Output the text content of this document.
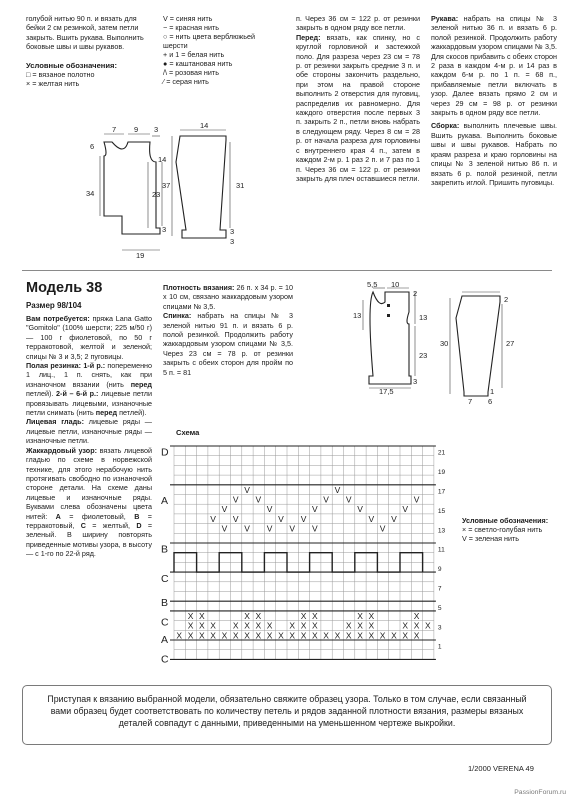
голубой нитью 90 п. и вязать для бейки 2 см резинкой, затем петли закрыть. Вшить рукава. Выполнить боковые швы и швы рукавов.

Условные обозначения:

□ = вязаное полотно

× = желтая нить

V = синяя нить

− = красная нить

○ = нить цвета верблюжьей шерсти

+ и 1 = белая нить

● = каштановая нить

/\ = розовая нить

⁄ = серая нить

п. Через 36 см = 122 р. от резинки закрыть в одном ряду все петли.

Перед: вязать, как спинку, но с круглой горловиной и застежкой поло. Для разреза через 23 см = 78 р. от резинки закрыть средние 3 п. и обе стороны закончить раздельно, при этом на правой стороне выполнить 2 отверстия для пуговиц, распределив их равномерно. Для каждого отверстия после первых 3 п. закрыть 2 п., петли вновь набрать в следующем ряду. Через 8 см = 28 р. от начала разреза для горловины с внутреннего края 4 п., затем в каждом 2-м р. 1 раз 2 п. и 7 раз по 1 п. Через 36 см = 122 р. от резинки закрыть для плеч оставшиеся петли.

Рукава: набрать на спицы № 3 зеленой нитью 36 п. и вязать 6 р. полой резинкой. Продолжить работу жаккардовым узором спицами № 3,5. Для скосов прибавить с обеих сторон 2 раза в каждом 4-м р. и 14 раз в каждом 6-м р. по 1 п. = 68 п., прибавляемые петли включать в узор. Далее вязать прямо 2 см и через 29 см = 98 р. от резинки закрыть в одном ряду все петли.

Сборка: выполнить плечевые швы. Вшить рукава. Выполнить боковые швы и швы рукавов. Набрать по краям разреза и краю горловины на спицы № 3 зеленой нитью 86 п. и вязать 6 р. полой резинкой, петли закрепить иглой. Пришить пуговицы.

7 9 3
6
14
34	23
3
19
14
37	31
3
3
Модель 38
Размер 98/104

Вам потребуется: пряжа Lana Gatto "Gomitolo" (100% шерсти; 225 м/50 г) — 100 г фиолетовой, по 50 г терракотовой, желтой и зеленой; спицы № 3 и 3,5; 2 пуговицы.

Полая резинка: 1-й р.: попеременно 1 лиц., 1 п. снять, как при изнаночном вязании (нить перед петлей). 2-й – 6-й р.: лицевые петли провязывать лицевыми, изнаночные петли снимать (нить перед петлей).

Лицевая гладь: лицевые ряды — лицевые петли, изнаночные ряды — изнаночные петли.

Жаккардовый узор: вязать лицевой гладью по схеме в норвежской технике, для этого нерабочую нить протягивать свободно по изнаночной стороне детали. На схеме даны лицевые и изнаночные ряды. Буквами слева обозначены цвета нитей: A = фиолетовый, B = терракотовый, C = желтый, D = зеленый. В ширину повторять приведенные мотивы узора, в высоту — с 1-го по 22-й ряд.

Плотность вязания: 26 п. х 34 р. = 10 х 10 см, связано жаккардовым узором спицами № 3,5.

Спинка: набрать на спицы № 3 зеленой нитью 91 п. и вязать 6 р. полой резинкой. Продолжить работу жаккардовым узором спицами № 3,5. Через 23 см = 78 р. от резинки закрыть с обеих сторон для пройм по 5 п. = 81

5,5 10
2
13
23
3
17,5
13
2
30	27
7 6
1
Схема
V	V
V V	V V	V
V	V	V	V	V
V V	V V	V V
V V V V V	V
X X	X X	X X	X X	X
X X X X X X X X X X	X X X	X X X
X X X X X X X X X X X X X X X X X X X X X X
D
A
B
C
B
C
A
C
21
19
17
15
13
11
9
7
5
3
1

Условные обозначения:

× = светло-голубая нить

V = зеленая нить

Приступая к вязанию выбранной модели, обязательно свяжите образец узора. Только в том случае, если связанный вами образец будет соответствовать по количеству петель и рядов заданной плотности вязания, размеры вязаных деталей совпадут с данными, приведенными на уменьшенном чертеже выкройки.
1/2000 VERENA 49
PassionForum.ru
